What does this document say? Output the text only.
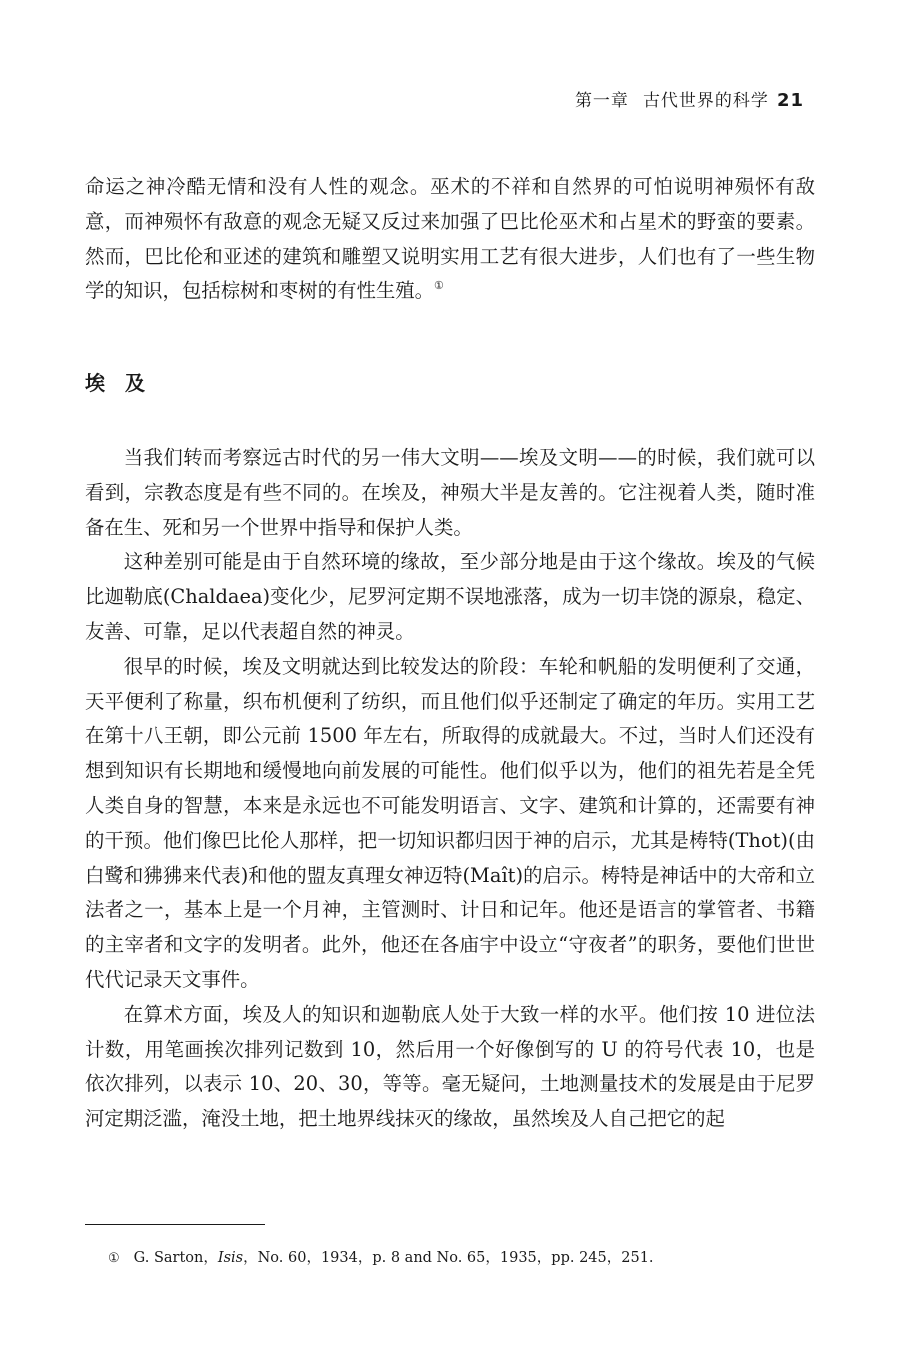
第一章 古代世界的科学 21

命运之神冷酷无情和没有人性的观念。巫术的不祥和自然界的可怕说明神殒怀有敌意，而神殒怀有敌意的观念无疑又反过来加强了巴比伦巫术和占星术的野蛮的要素。然而，巴比伦和亚述的建筑和雕塑又说明实用工艺有很大进步，人们也有了一些生物学的知识，包括棕树和枣树的有性生殖。①

埃及

当我们转而考察远古时代的另一伟大文明——埃及文明——的时候，我们就可以看到，宗教态度是有些不同的。在埃及，神殒大半是友善的。它注视着人类，随时准备在生、死和另一个世界中指导和保护人类。

这种差别可能是由于自然环境的缘故，至少部分地是由于这个缘故。埃及的气候比迦勒底(Chaldaea)变化少，尼罗河定期不误地涨落，成为一切丰饶的源泉，稳定、友善、可靠，足以代表超自然的神灵。

很早的时候，埃及文明就达到比较发达的阶段：车轮和帆船的发明便利了交通，天平便利了称量，织布机便利了纺织，而且他们似乎还制定了确定的年历。实用工艺在第十八王朝，即公元前 1500 年左右，所取得的成就最大。不过，当时人们还没有想到知识有长期地和缓慢地向前发展的可能性。他们似乎以为，他们的祖先若是全凭人类自身的智慧，本来是永远也不可能发明语言、文字、建筑和计算的，还需要有神的干预。他们像巴比伦人那样，把一切知识都归因于神的启示，尤其是梼特(Thot)(由白鹭和狒狒来代表)和他的盟友真理女神迈特(Maît)的启示。梼特是神话中的大帝和立法者之一，基本上是一个月神，主管测时、计日和记年。他还是语言的掌管者、书籍的主宰者和文字的发明者。此外，他还在各庙宇中设立“守夜者”的职务，要他们世世代代记录天文事件。

在算术方面，埃及人的知识和迦勒底人处于大致一样的水平。他们按 10 进位法计数，用笔画挨次排列记数到 10，然后用一个好像倒写的 U 的符号代表 10，也是依次排列，以表示 10、20、30，等等。毫无疑问，土地测量技术的发展是由于尼罗河定期泛滥，淹没土地，把土地界线抹灭的缘故，虽然埃及人自己把它的起

① G. Sarton，Isis，No. 60，1934，p. 8 and No. 65，1935，pp. 245，251.
